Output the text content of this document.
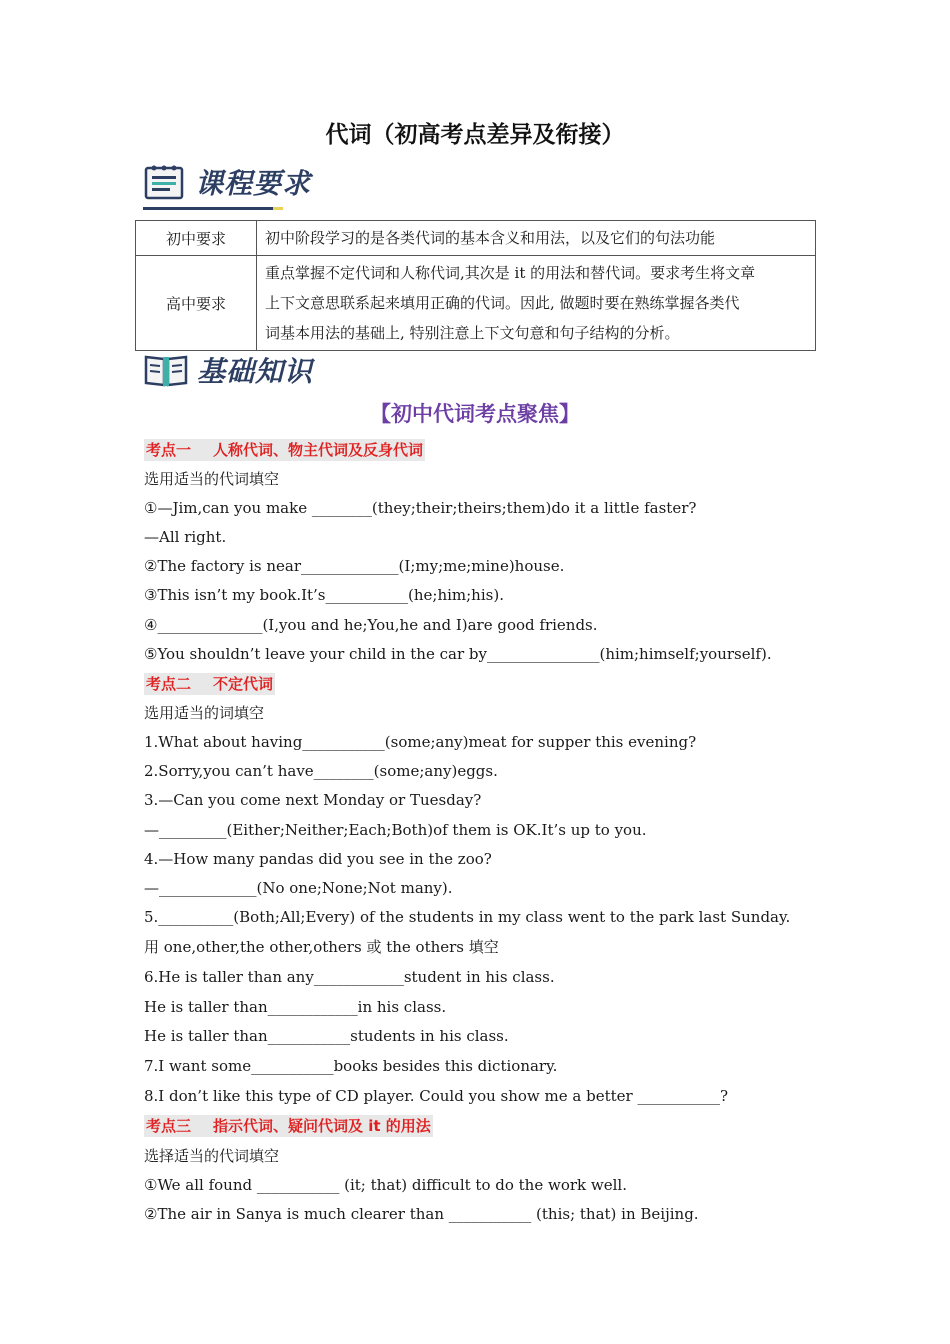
代词（初高考点差异及衔接）
课程要求
初中要求	初中阶段学习的是各类代词的基本含义和用法，以及它们的句法功能

高中要求	重点掌握不定代词和人称代词,其次是 it 的用法和替代词。要求考生将文章
上下文意思联系起来填用正确的代词。因此, 做题时要在熟练掌握各类代
词基本用法的基础上, 特别注意上下文句意和句子结构的分析。
基础知识
【初中代词考点聚焦】
考点一 人称代词、物主代词及反身代词
选用适当的代词填空
①—Jim,can you make ________(they;their;theirs;them)do it a little faster?
—All right.
②The factory is near_____________(I;my;me;mine)house.
③This isn’t my book.It’s___________(he;him;his).
④______________(I,you and he;You,he and I)are good friends.
⑤You shouldn’t leave your child in the car by_______________(him;himself;yourself).
考点二 不定代词
选用适当的词填空
1.What about having___________(some;any)meat for supper this evening?
2.Sorry,you can’t have________(some;any)eggs.
3.—Can you come next Monday or Tuesday?
—_________(Either;Neither;Each;Both)of them is OK.It’s up to you.
4.—How many pandas did you see in the zoo?
—_____________(No one;None;Not many).
5.__________(Both;All;Every) of the students in my class went to the park last Sunday.
用 one,other,the other,others 或 the others 填空
6.He is taller than any____________student in his class.
He is taller than____________in his class.
He is taller than___________students in his class.
7.I want some___________books besides this dictionary.
8.I don’t like this type of CD player. Could you show me a better ___________?
考点三 指示代词、疑问代词及 it 的用法
选择适当的代词填空
①We all found ___________ (it; that) difficult to do the work well.
②The air in Sanya is much clearer than ___________ (this; that) in Beijing.
